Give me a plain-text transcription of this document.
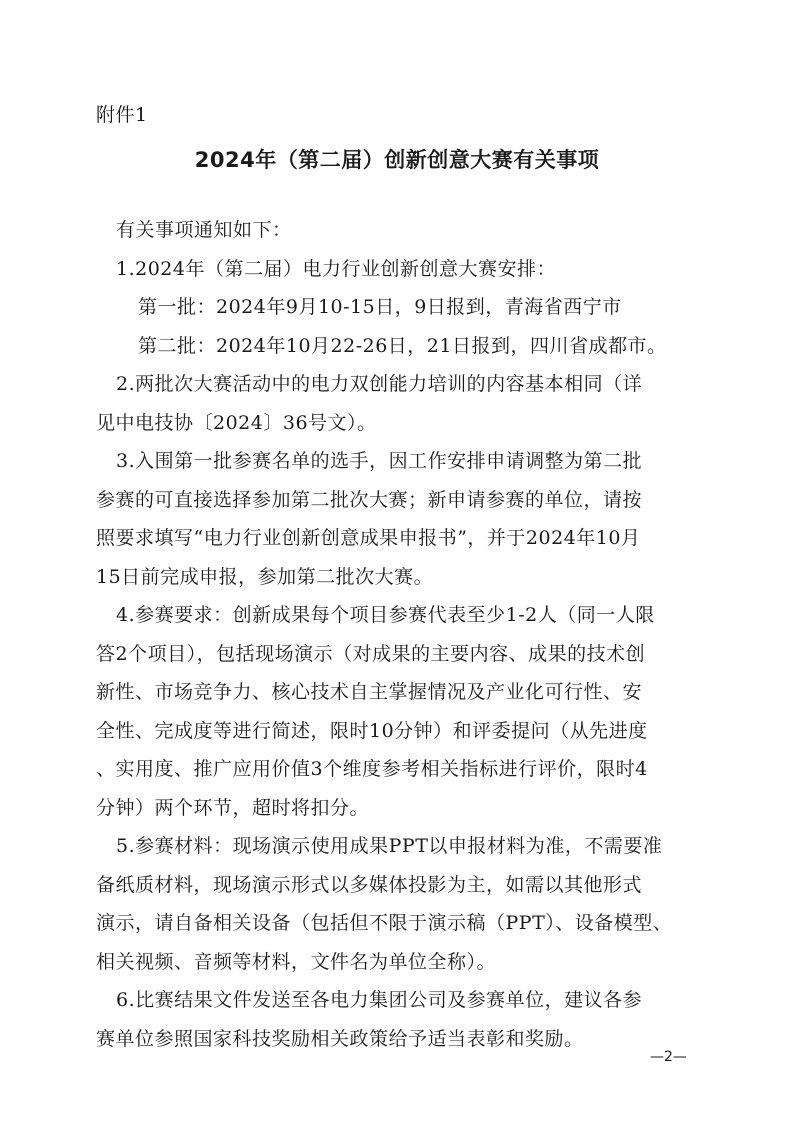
附件1
2024年（第二届）创新创意大赛有关事项
有关事项通知如下：
1.2024年（第二届）电力行业创新创意大赛安排：
第一批：2024年9月10-15日，9日报到，青海省西宁市
第二批：2024年10月22-26日，21日报到，四川省成都市。
2.两批次大赛活动中的电力双创能力培训的内容基本相同（详
见中电技协〔2024〕36号文）。
3.入围第一批参赛名单的选手，因工作安排申请调整为第二批
参赛的可直接选择参加第二批次大赛；新申请参赛的单位，请按
照要求填写“电力行业创新创意成果申报书”，并于2024年10月
15日前完成申报，参加第二批次大赛。
4.参赛要求：创新成果每个项目参赛代表至少1-2人（同一人限
答2个项目），包括现场演示（对成果的主要内容、成果的技术创
新性、市场竞争力、核心技术自主掌握情况及产业化可行性、安
全性、完成度等进行简述，限时10分钟）和评委提问（从先进度
、实用度、推广应用价值3个维度参考相关指标进行评价，限时4
分钟）两个环节，超时将扣分。
5.参赛材料：现场演示使用成果PPT以申报材料为准，不需要准
备纸质材料，现场演示形式以多媒体投影为主，如需以其他形式
演示，请自备相关设备（包括但不限于演示稿（PPT）、设备模型、
相关视频、音频等材料，文件名为单位全称）。
6.比赛结果文件发送至各电力集团公司及参赛单位，建议各参
赛单位参照国家科技奖励相关政策给予适当表彰和奖励。
—2—
